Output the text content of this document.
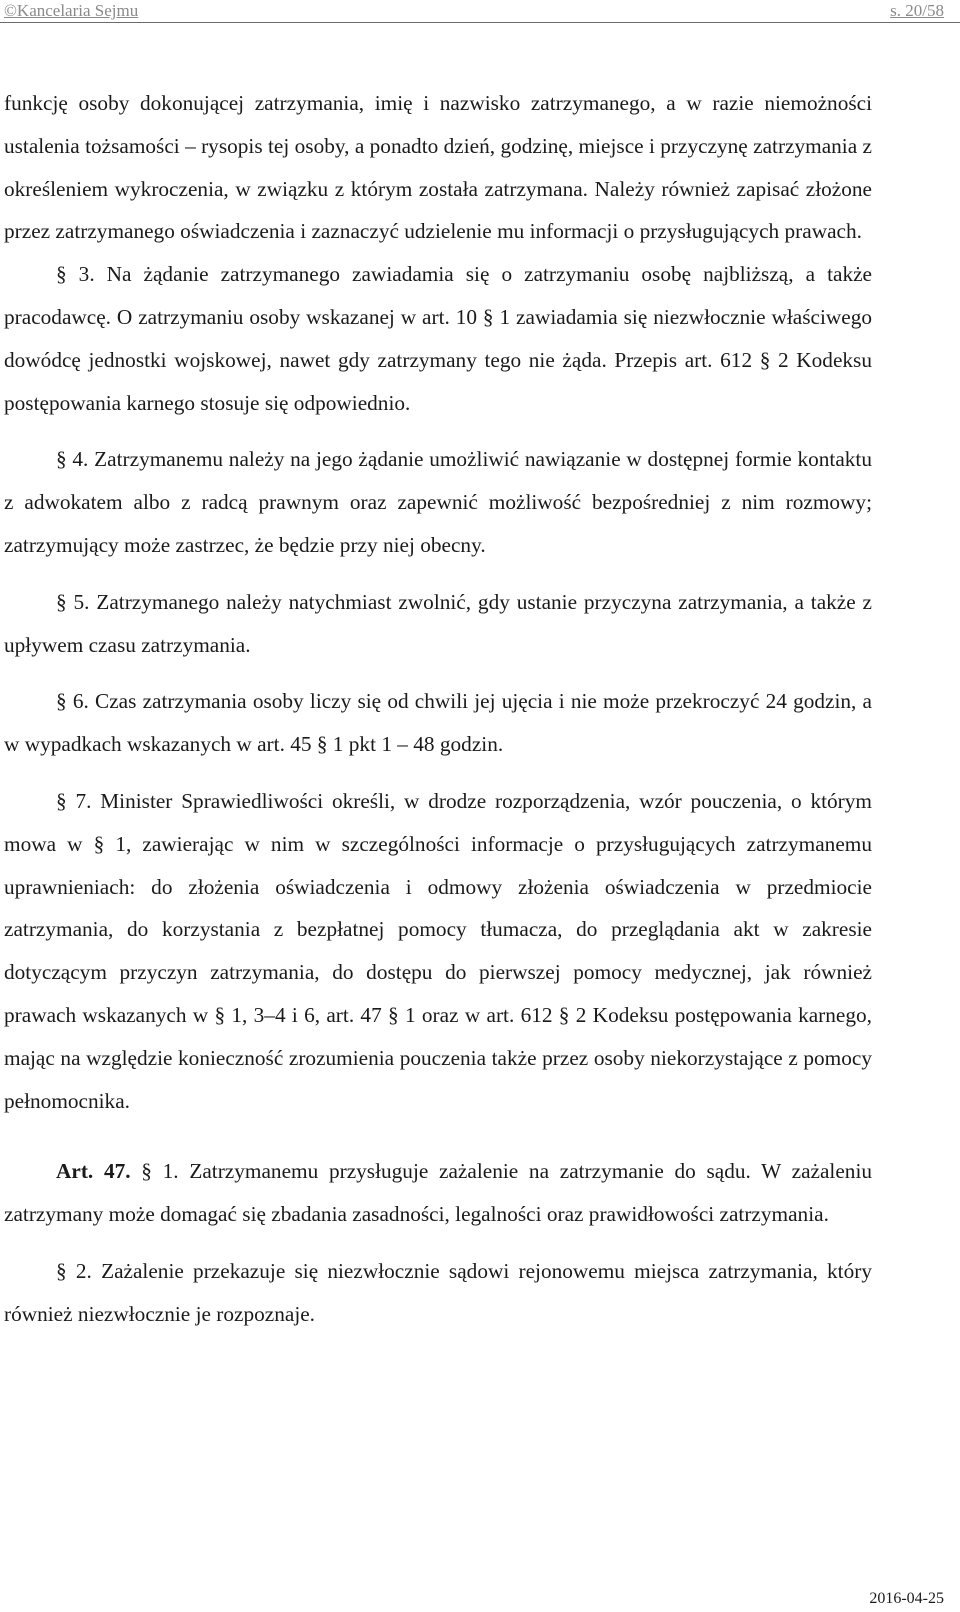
©Kancelaria Sejmu	s. 20/58

funkcję osoby dokonującej zatrzymania, imię i nazwisko zatrzymanego, a w razie niemożności ustalenia tożsamości – rysopis tej osoby, a ponadto dzień, godzinę, miejsce i przyczynę zatrzymania z określeniem wykroczenia, w związku z którym została zatrzymana. Należy również zapisać złożone przez zatrzymanego oświadczenia i zaznaczyć udzielenie mu informacji o przysługujących prawach.

§ 3. Na żądanie zatrzymanego zawiadamia się o zatrzymaniu osobę najbliższą, a także pracodawcę. O zatrzymaniu osoby wskazanej w art. 10 § 1 zawiadamia się niezwłocznie właściwego dowódcę jednostki wojskowej, nawet gdy zatrzymany tego nie żąda. Przepis art. 612 § 2 Kodeksu postępowania karnego stosuje się odpowiednio.

§ 4. Zatrzymanemu należy na jego żądanie umożliwić nawiązanie w dostępnej formie kontaktu z adwokatem albo z radcą prawnym oraz zapewnić możliwość bezpośredniej z nim rozmowy; zatrzymujący może zastrzec, że będzie przy niej obecny.

§ 5. Zatrzymanego należy natychmiast zwolnić, gdy ustanie przyczyna zatrzymania, a także z upływem czasu zatrzymania.

§ 6. Czas zatrzymania osoby liczy się od chwili jej ujęcia i nie może przekroczyć 24 godzin, a w wypadkach wskazanych w art. 45 § 1 pkt 1 – 48 godzin.

§ 7. Minister Sprawiedliwości określi, w drodze rozporządzenia, wzór pouczenia, o którym mowa w § 1, zawierając w nim w szczególności informacje o przysługujących zatrzymanemu uprawnieniach: do złożenia oświadczenia i odmowy złożenia oświadczenia w przedmiocie zatrzymania, do korzystania z bezpłatnej pomocy tłumacza, do przeglądania akt w zakresie dotyczącym przyczyn zatrzymania, do dostępu do pierwszej pomocy medycznej, jak również prawach wskazanych w § 1, 3–4 i 6, art. 47 § 1 oraz w art. 612 § 2 Kodeksu postępowania karnego, mając na względzie konieczność zrozumienia pouczenia także przez osoby niekorzystające z pomocy pełnomocnika.

Art. 47. § 1. Zatrzymanemu przysługuje zażalenie na zatrzymanie do sądu. W zażaleniu zatrzymany może domagać się zbadania zasadności, legalności oraz prawidłowości zatrzymania.

§ 2. Zażalenie przekazuje się niezwłocznie sądowi rejonowemu miejsca zatrzymania, który również niezwłocznie je rozpoznaje.

2016-04-25
